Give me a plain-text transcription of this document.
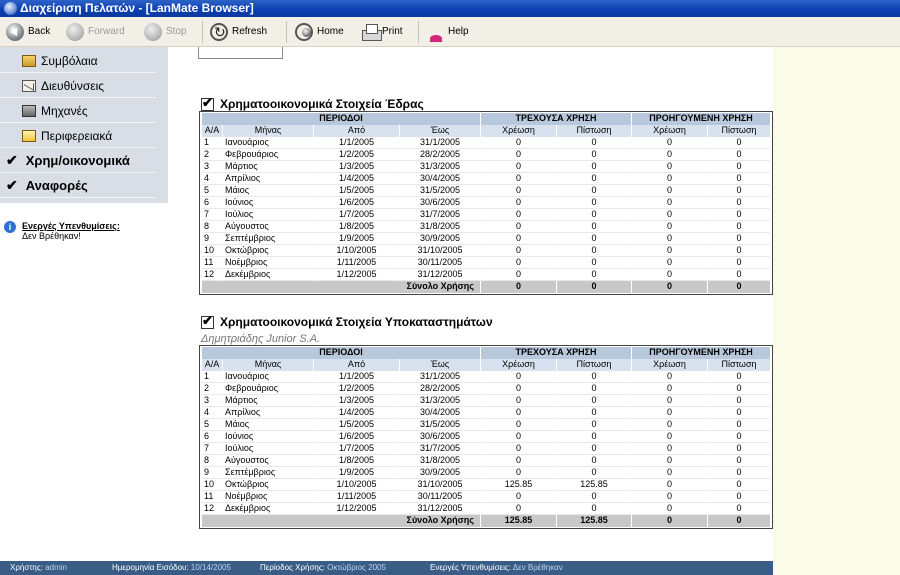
Διαχείριση Πελατών - [LanMate Browser]
Back	Forward	Stop ↻	Refresh	Home	Print	Help
Συμβόλαια
Διευθύνσεις
Μηχανές
Περιφερειακά
✔ Χρημ/οικονομικά
✔ Αναφορές
i	Ενεργές Υπενθυμίσεις:
Δεν Βρέθηκαν!
✔
Χρηματοοικονομικά Στοιχεία Έδρας
ΠΕΡΙΟΔΟΙ				ΤΡΕΧΟΥΣΑ ΧΡΗΣΗ		ΠΡΟΗΓΟΥΜΕΝΗ ΧΡΗΣΗ	
Α/Α	Μήνας	Από	Έως	Χρέωση	Πίστωση	Χρέωση	Πίστωση
1	Ιανουάριος	1/1/2005	31/1/2005	0	0	0	0
2	Φεβρουάριος	1/2/2005	28/2/2005	0	0	0	0
3	Μάρτιος	1/3/2005	31/3/2005	0	0	0	0
4	Απρίλιος	1/4/2005	30/4/2005	0	0	0	0
5	Μάιος	1/5/2005	31/5/2005	0	0	0	0
6	Ιούνιος	1/6/2005	30/6/2005	0	0	0	0
7	Ιούλιος	1/7/2005	31/7/2005	0	0	0	0
8	Αύγουστος	1/8/2005	31/8/2005	0	0	0	0
9	Σεπτέμβριος	1/9/2005	30/9/2005	0	0	0	0
10	Οκτώβριος	1/10/2005	31/10/2005	0	0	0	0
11	Νοέμβριος	1/11/2005	30/11/2005	0	0	0	0
12	Δεκέμβριος	1/12/2005	31/12/2005	0	0	0	0
Σύνολο Χρήσης				0	0	0	0
✔
Χρηματοοικονομικά Στοιχεία Υποκαταστημάτων
Δημητριάδης Junior S.A.
ΠΕΡΙΟΔΟΙ				ΤΡΕΧΟΥΣΑ ΧΡΗΣΗ		ΠΡΟΗΓΟΥΜΕΝΗ ΧΡΗΣΗ	
Α/Α	Μήνας	Από	Έως	Χρέωση	Πίστωση	Χρέωση	Πίστωση
1	Ιανουάριος	1/1/2005	31/1/2005	0	0	0	0
2	Φεβρουάριος	1/2/2005	28/2/2005	0	0	0	0
3	Μάρτιος	1/3/2005	31/3/2005	0	0	0	0
4	Απρίλιος	1/4/2005	30/4/2005	0	0	0	0
5	Μάιος	1/5/2005	31/5/2005	0	0	0	0
6	Ιούνιος	1/6/2005	30/6/2005	0	0	0	0
7	Ιούλιος	1/7/2005	31/7/2005	0	0	0	0
8	Αύγουστος	1/8/2005	31/8/2005	0	0	0	0
9	Σεπτέμβριος	1/9/2005	30/9/2005	0	0	0	0
10	Οκτώβριος	1/10/2005	31/10/2005	125.85	125.85	0	0
11	Νοέμβριος	1/11/2005	30/11/2005	0	0	0	0
12	Δεκέμβριος	1/12/2005	31/12/2005	0	0	0	0
Σύνολο Χρήσης				125.85	125.85	0	0
Χρήστης: admin	Ημερομηνία Εισόδου: 10/14/2005	Περίοδος Χρήσης: Οκτώβριος 2005	Ενεργές Υπενθυμίσεις: Δεν Βρέθηκαν
